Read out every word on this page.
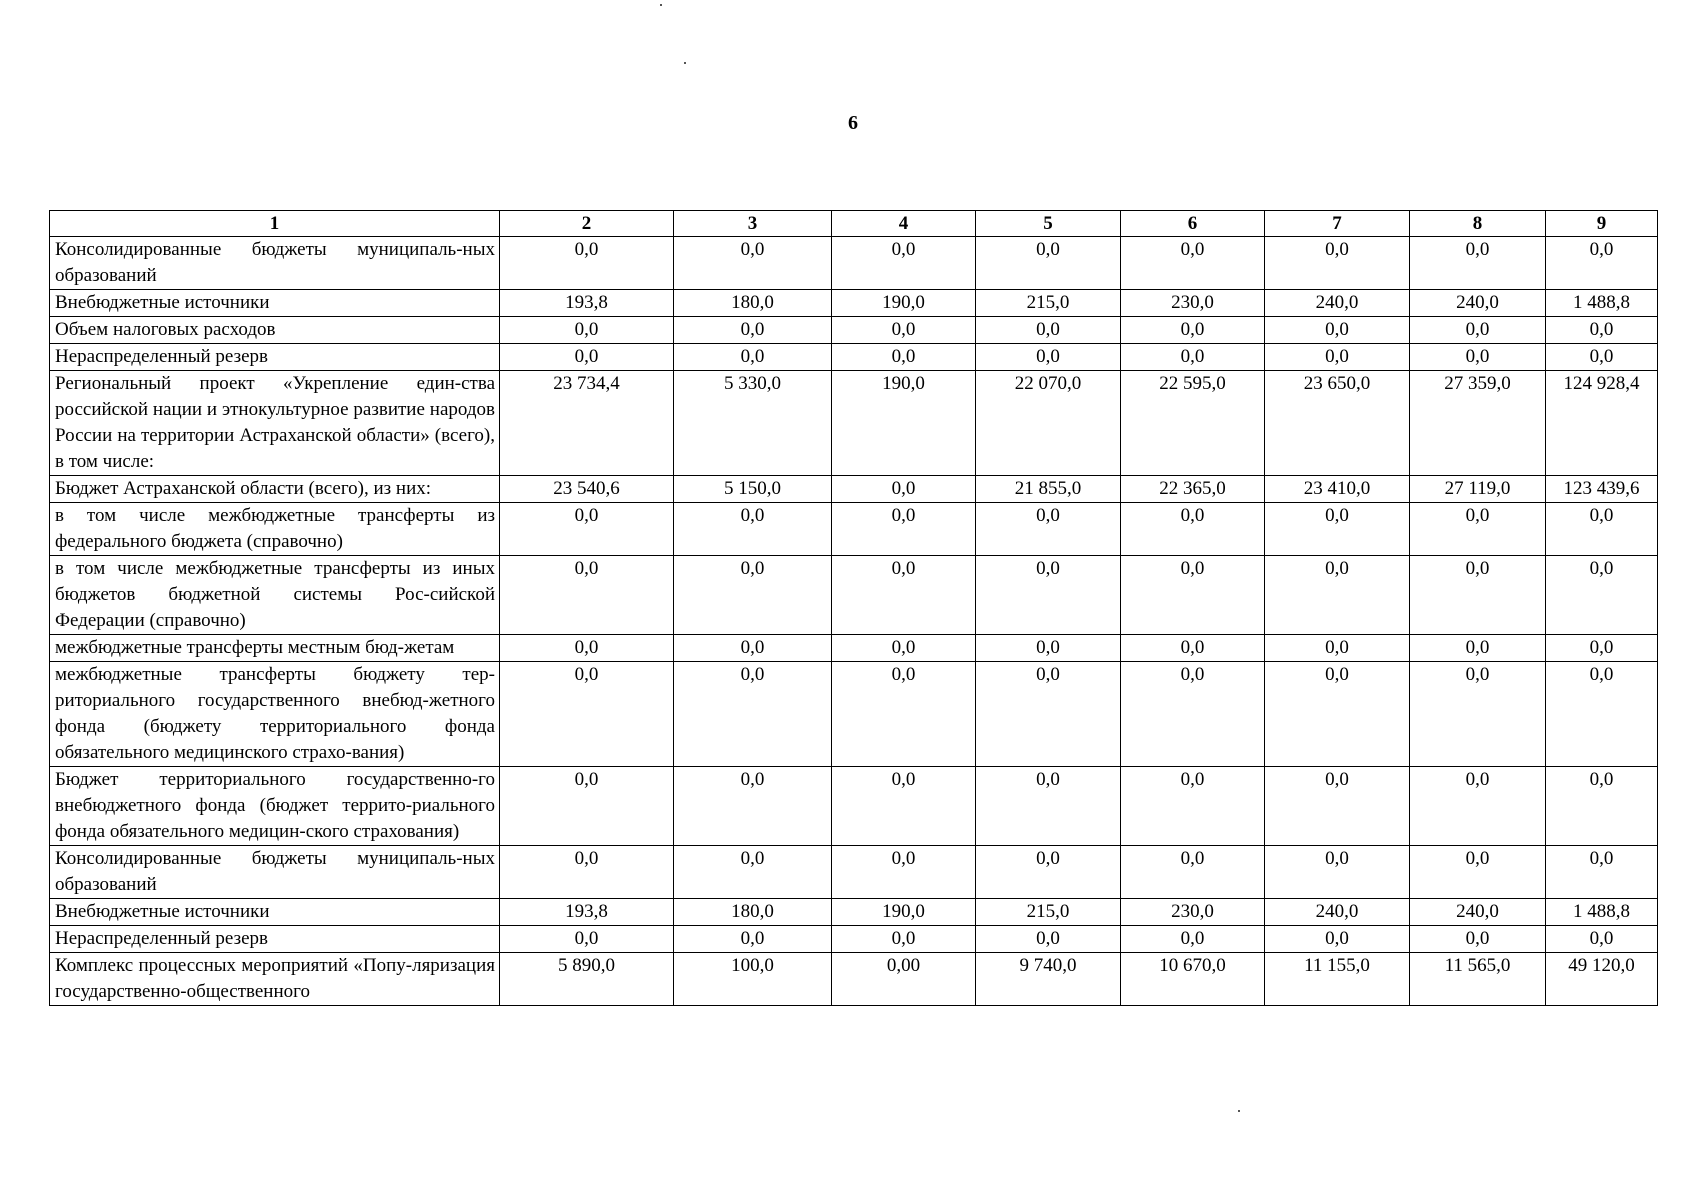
6
1	2	3	4	5	6	7	8	9
Консолидированные бюджеты муниципаль-ных образований	0,0	0,0	0,0	0,0	0,0	0,0	0,0	0,0
Внебюджетные источники	193,8	180,0	190,0	215,0	230,0	240,0	240,0	1 488,8
Объем налоговых расходов	0,0	0,0	0,0	0,0	0,0	0,0	0,0	0,0
Нераспределенный резерв	0,0	0,0	0,0	0,0	0,0	0,0	0,0	0,0
Региональный проект «Укрепление един-ства российской нации и этнокультурное развитие народов России на территории Астраханской области» (всего), в том числе:	23 734,4	5 330,0	190,0	22 070,0	22 595,0	23 650,0	27 359,0	124 928,4
Бюджет Астраханской области (всего), из них:	23 540,6	5 150,0	0,0	21 855,0	22 365,0	23 410,0	27 119,0	123 439,6
в том числе межбюджетные трансферты из федерального бюджета (справочно)	0,0	0,0	0,0	0,0	0,0	0,0	0,0	0,0
в том числе межбюджетные трансферты из иных бюджетов бюджетной системы Рос-сийской Федерации (справочно)	0,0	0,0	0,0	0,0	0,0	0,0	0,0	0,0
межбюджетные трансферты местным бюд-жетам	0,0	0,0	0,0	0,0	0,0	0,0	0,0	0,0
межбюджетные трансферты бюджету тер-риториального государственного внебюд-жетного фонда (бюджету территориального фонда обязательного медицинского страхо-вания)	0,0	0,0	0,0	0,0	0,0	0,0	0,0	0,0
Бюджет территориального государственно-го внебюджетного фонда (бюджет террито-риального фонда обязательного медицин-ского страхования)	0,0	0,0	0,0	0,0	0,0	0,0	0,0	0,0
Консолидированные бюджеты муниципаль-ных образований	0,0	0,0	0,0	0,0	0,0	0,0	0,0	0,0
Внебюджетные источники	193,8	180,0	190,0	215,0	230,0	240,0	240,0	1 488,8
Нераспределенный резерв	0,0	0,0	0,0	0,0	0,0	0,0	0,0	0,0
Комплекс процессных мероприятий «Попу-ляризация государственно-общественного	5 890,0	100,0	0,00	9 740,0	10 670,0	11 155,0	11 565,0	49 120,0
